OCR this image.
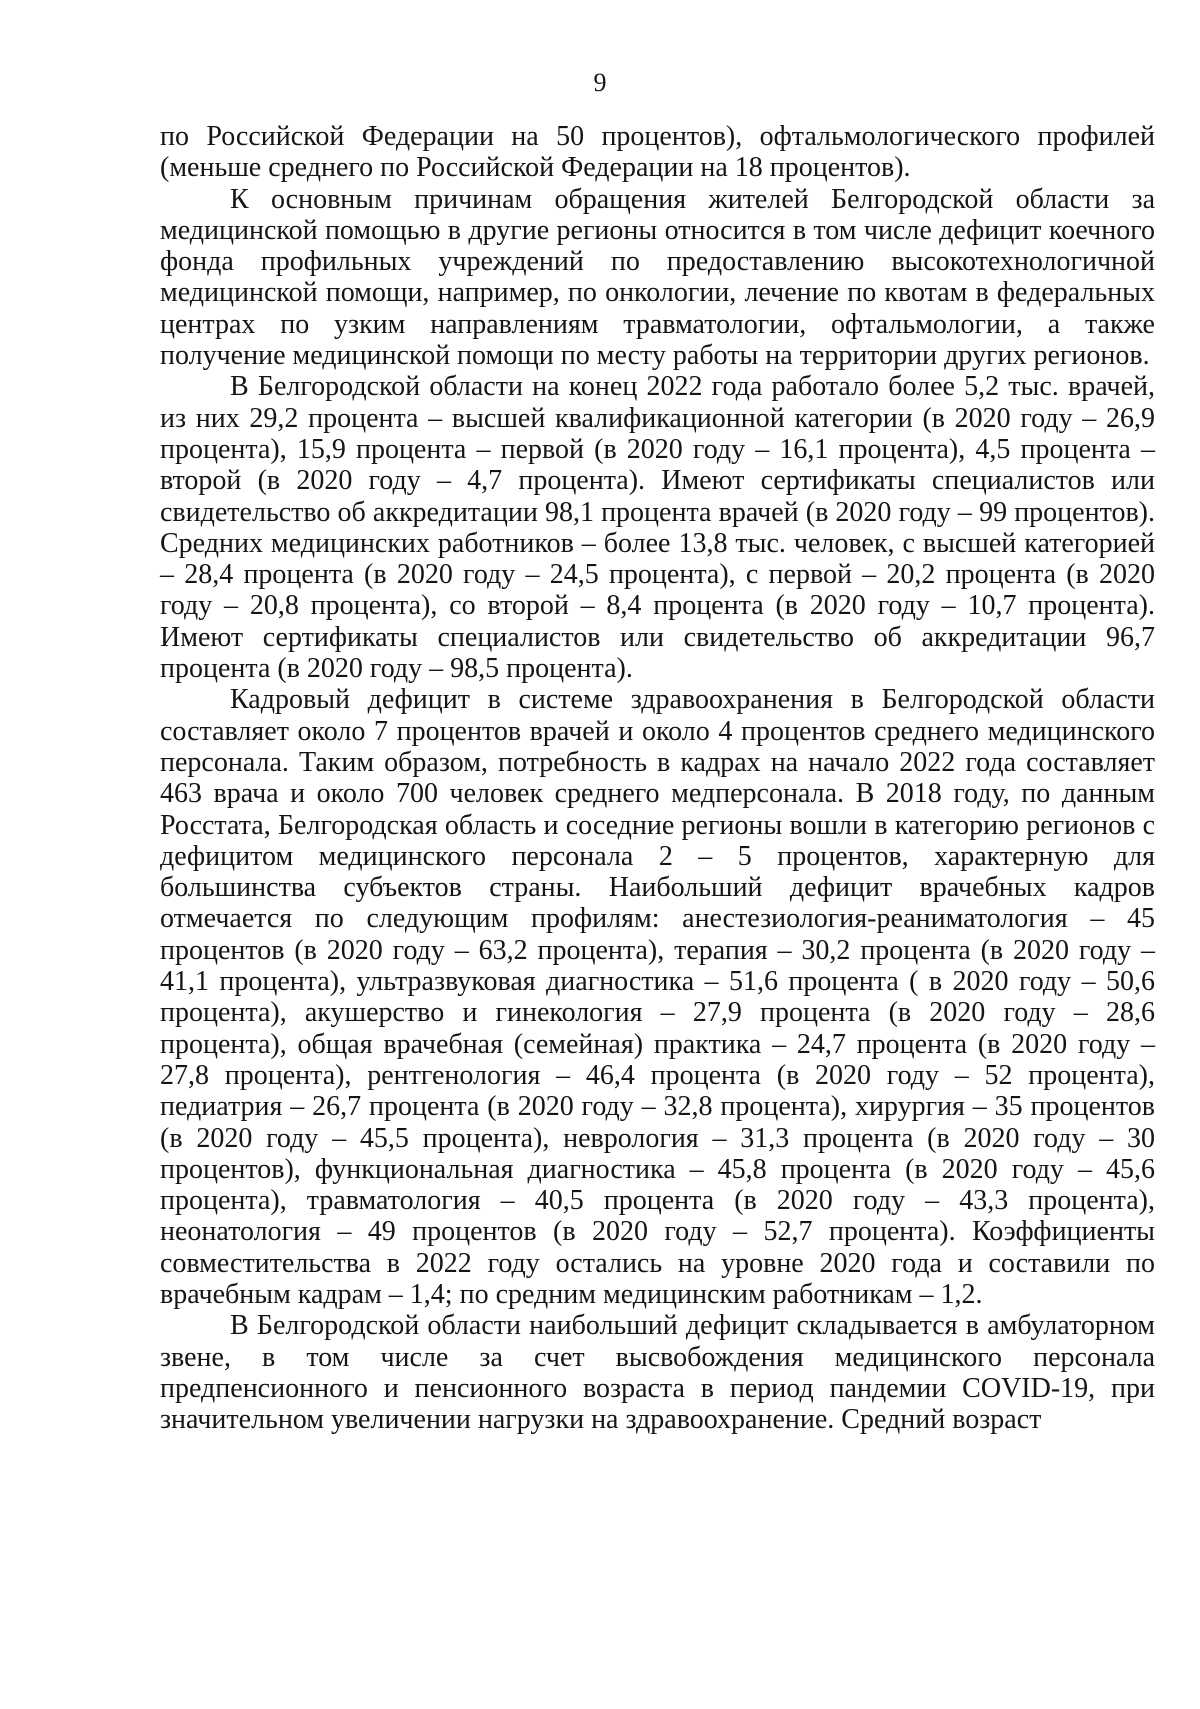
9

по Российской Федерации на 50 процентов), офтальмологического профилей (меньше среднего по Российской Федерации на 18 процентов).

К основным причинам обращения жителей Белгородской области за медицинской помощью в другие регионы относится в том числе дефицит коечного фонда профильных учреждений по предоставлению высокотехнологичной медицинской помощи, например, по онкологии, лечение по квотам в федеральных центрах по узким направлениям травматологии, офтальмологии, а также получение медицинской помощи по месту работы на территории других регионов.

В Белгородской области на конец 2022 года работало более 5,2 тыс. врачей, из них 29,2 процента – высшей квалификационной категории (в 2020 году – 26,9 процента), 15,9 процента – первой (в 2020 году – 16,1 процента), 4,5 процента – второй (в 2020 году – 4,7 процента). Имеют сертификаты специалистов или свидетельство об аккредитации 98,1 процента врачей (в 2020 году – 99 процентов). Средних медицинских работников – более 13,8 тыс. человек, с высшей категорией – 28,4 процента (в 2020 году – 24,5 процента), с первой – 20,2 процента (в 2020 году – 20,8 процента), со второй – 8,4 процента (в 2020 году – 10,7 процента). Имеют сертификаты специалистов или свидетельство об аккредитации 96,7 процента (в 2020 году – 98,5 процента).

Кадровый дефицит в системе здравоохранения в Белгородской области составляет около 7 процентов врачей и около 4 процентов среднего медицинского персонала. Таким образом, потребность в кадрах на начало 2022 года составляет 463 врача и около 700 человек среднего медперсонала. В 2018 году, по данным Росстата, Белгородская область и соседние регионы вошли в категорию регионов с дефицитом медицинского персонала 2 – 5 процентов, характерную для большинства субъектов страны. Наибольший дефицит врачебных кадров отмечается по следующим профилям: анестезиология-реаниматология – 45 процентов (в 2020 году – 63,2 процента), терапия – 30,2 процента (в 2020 году – 41,1 процента), ультразвуковая диагностика – 51,6 процента ( в 2020 году – 50,6 процента), акушерство и гинекология – 27,9 процента (в 2020 году – 28,6 процента), общая врачебная (семейная) практика – 24,7 процента (в 2020 году – 27,8 процента), рентгенология – 46,4 процента (в 2020 году – 52 процента), педиатрия – 26,7 процента (в 2020 году – 32,8 процента), хирургия – 35 процентов (в 2020 году – 45,5 процента), неврология – 31,3 процента (в 2020 году – 30 процентов), функциональная диагностика – 45,8 процента (в 2020 году – 45,6 процента), травматология – 40,5 процента (в 2020 году – 43,3 процента), неонатология – 49 процентов (в 2020 году – 52,7 процента). Коэффициенты совместительства в 2022 году остались на уровне 2020 года и составили по врачебным кадрам – 1,4; по средним медицинским работникам – 1,2.

В Белгородской области наибольший дефицит складывается в амбулаторном звене, в том числе за счет высвобождения медицинского персонала предпенсионного и пенсионного возраста в период пандемии COVID-19, при значительном увеличении нагрузки на здравоохранение. Средний возраст
